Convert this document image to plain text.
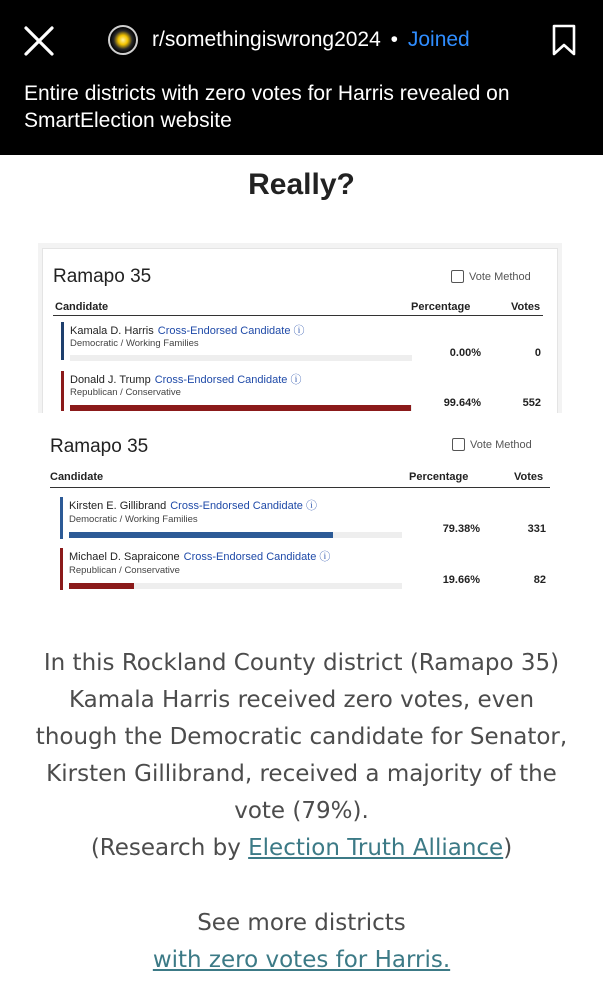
r/somethingiswrong2024 • Joined
Entire districts with zero votes for Harris revealed on SmartElection website
Really?
Ramapo 35	Vote Method
Candidate	Percentage	Votes
Kamala D. Harris Cross-Endorsed Candidate ⓘ
Democratic / Working Families
0.00%	0
Donald J. Trump Cross-Endorsed Candidate ⓘ
Republican / Conservative
99.64%	552
Ramapo 35	Vote Method
Candidate	Percentage	Votes
Kirsten E. Gillibrand Cross-Endorsed Candidate ⓘ
Democratic / Working Families
79.38%	331
Michael D. Sapraicone Cross-Endorsed Candidate ⓘ
Republican / Conservative
19.66%	82
In this Rockland County district (Ramapo 35) Kamala Harris received zero votes, even though the Democratic candidate for Senator, Kirsten Gillibrand, received a majority of the vote (79%).
(Research by Election Truth Alliance)
See more districts
with zero votes for Harris.
